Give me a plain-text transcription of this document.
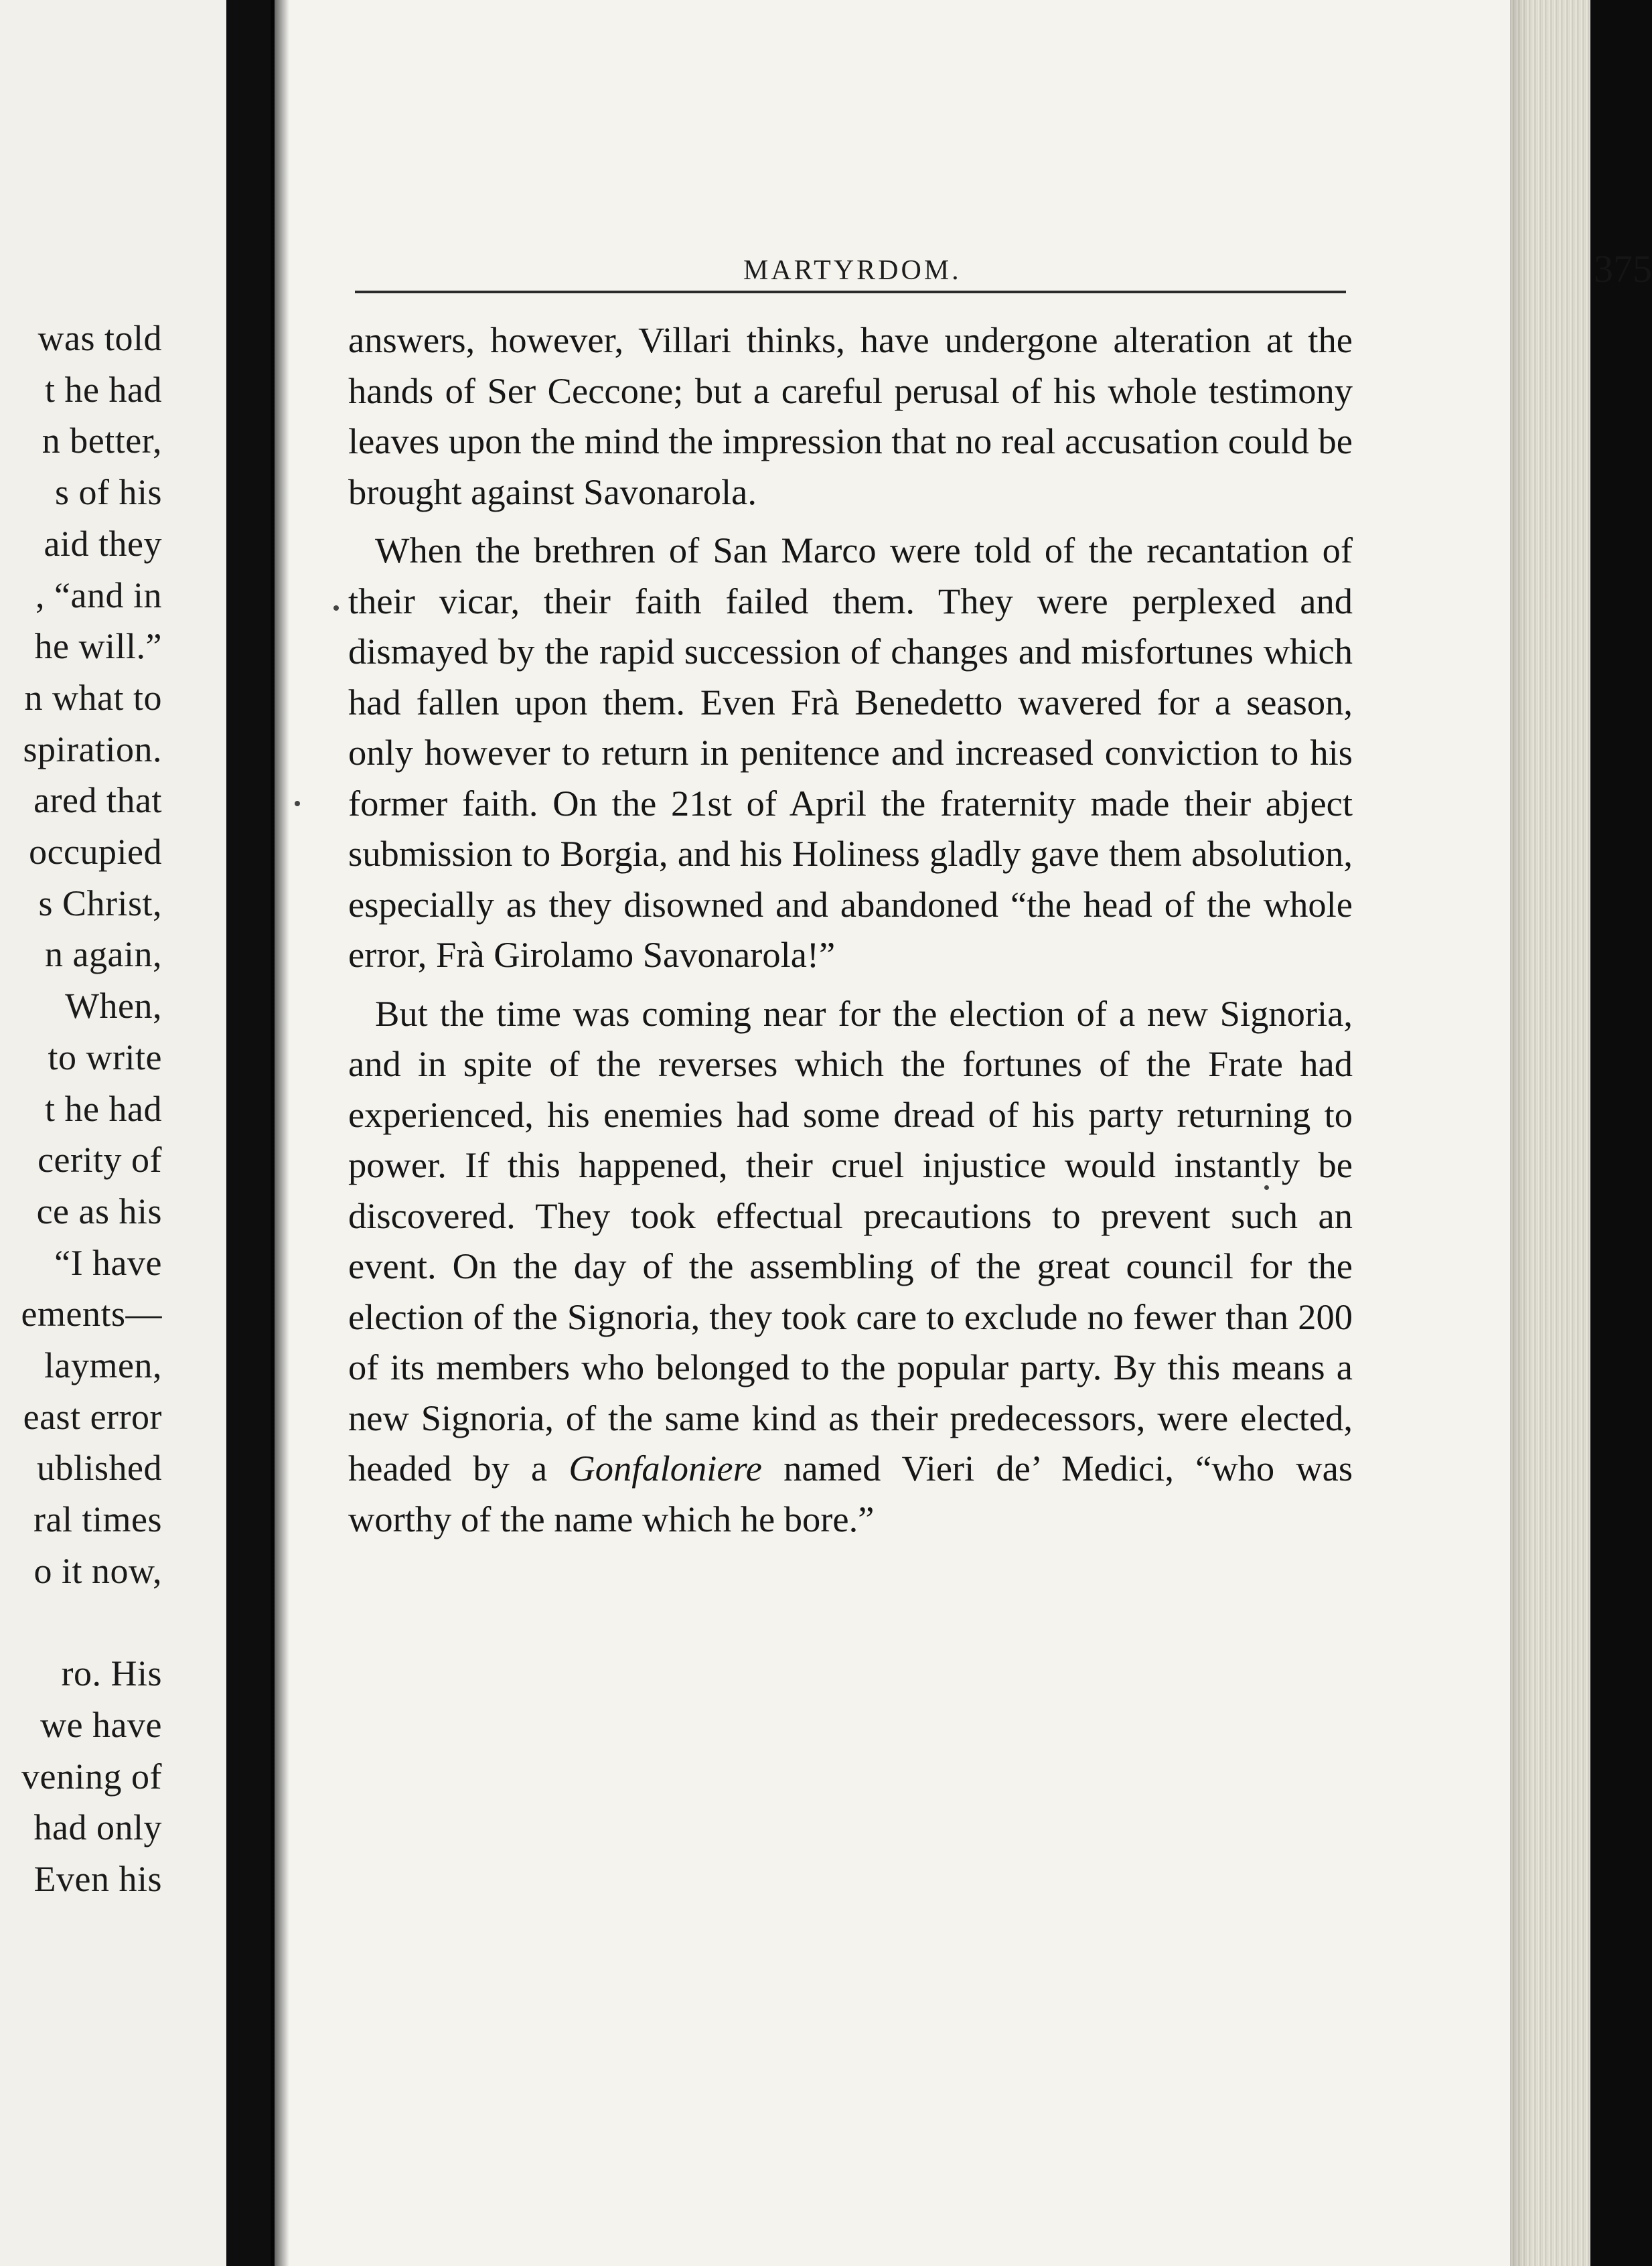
was told

t he had

n better,

s of his

aid they

, “and in

he will.”

n what to

spiration.

ared that

occupied

s Christ,

n again,

When,

to write

t he had

cerity of

ce as his

“I have

ements—

laymen,

east error

ublished

ral times

o it now,

ro. His

we have

vening of

had only

Even his

MARTYRDOM.	375

answers, however, Villari thinks, have undergone alteration at the hands of Ser Ceccone; but a careful perusal of his whole testimony leaves upon the mind the impression that no real accusation could be brought against Savonarola.

When the brethren of San Marco were told of the recantation of their vicar, their faith failed them. They were perplexed and dismayed by the rapid succession of changes and misfortunes which had fallen upon them. Even Frà Benedetto wavered for a season, only however to return in penitence and increased conviction to his former faith. On the 21st of April the fraternity made their abject submission to Borgia, and his Holiness gladly gave them absolution, especially as they disowned and abandoned “the head of the whole error, Frà Girolamo Savonarola!”

But the time was coming near for the election of a new Signoria, and in spite of the reverses which the fortunes of the Frate had experienced, his enemies had some dread of his party returning to power. If this happened, their cruel injustice would instantly be discovered. They took effectual precautions to prevent such an event. On the day of the assembling of the great council for the election of the Signoria, they took care to exclude no fewer than 200 of its members who belonged to the popular party. By this means a new Signoria, of the same kind as their predecessors, were elected, headed by a Gonfaloniere named Vieri de’ Medici, “who was worthy of the name which he bore.”
